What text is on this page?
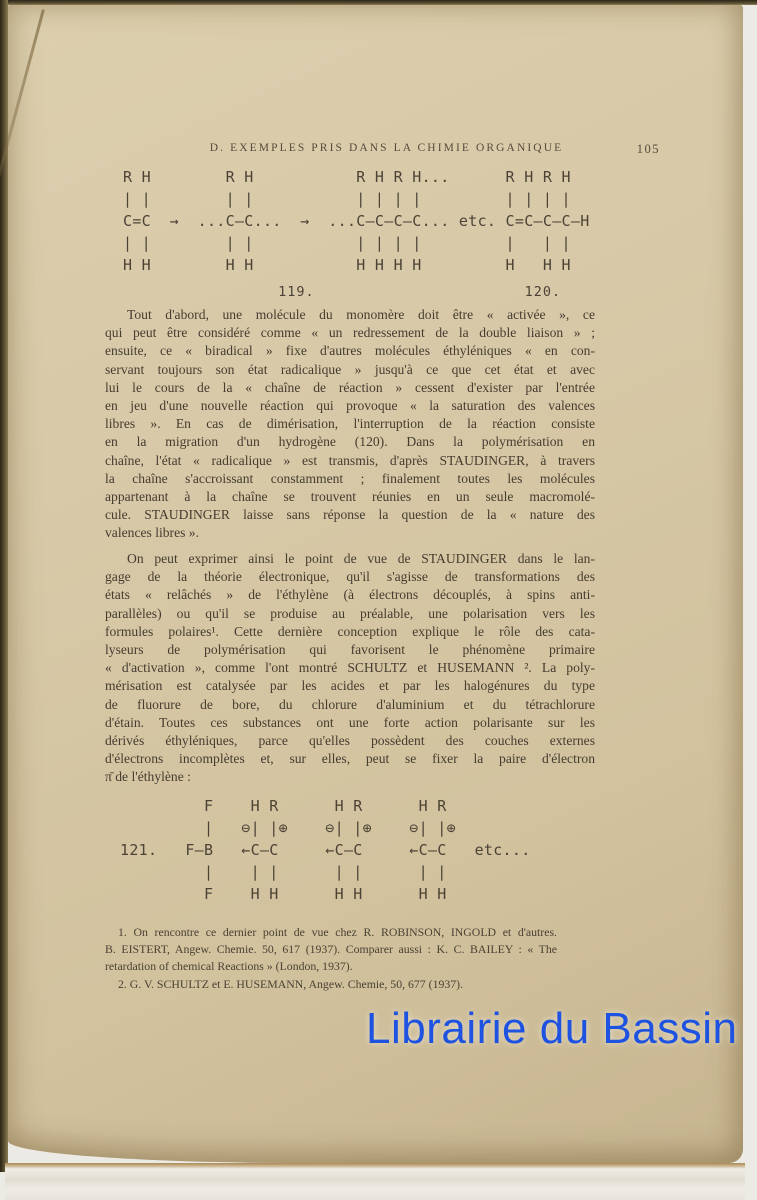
D. EXEMPLES PRIS DANS LA CHIMIE ORGANIQUE	105
R H        R H           R H R H...      R H R H
| |        | |           | | | |         | | | |
C=C  →  ...C—C...  →  ...C—C—C—C... etc. C=C—C—C—H
| |        | |           | | | |         |   | |
H H        H H           H H H H         H   H H
119.                       120.
Tout d'abord, une molécule du monomère doit être « activée », ce
qui peut être considéré comme « un redressement de la double liaison » ;
ensuite, ce « biradical » fixe d'autres molécules éthyléniques « en con-
servant toujours son état radicalique » jusqu'à ce que cet état et avec
lui le cours de la « chaîne de réaction » cessent d'exister par l'entrée
en jeu d'une nouvelle réaction qui provoque « la saturation des valences
libres ». En cas de dimérisation, l'interruption de la réaction consiste
en la migration d'un hydrogène (120). Dans la polymérisation en
chaîne, l'état « radicalique » est transmis, d'après STAUDINGER, à travers
la chaîne s'accroissant constamment ; finalement toutes les molécules
appartenant à la chaîne se trouvent réunies en un seule macromolé-
cule. STAUDINGER laisse sans réponse la question de la « nature des
valences libres ».
On peut exprimer ainsi le point de vue de STAUDINGER dans le lan-
gage de la théorie électronique, qu'il s'agisse de transformations des
états « relâchés » de l'éthylène (à électrons découplés, à spins anti-
parallèles) ou qu'il se produise au préalable, une polarisation vers les
formules polaires¹. Cette dernière conception explique le rôle des cata-
lyseurs de polymérisation qui favorisent le phénomène primaire
« d'activation », comme l'ont montré SCHULTZ et HUSEMANN ². La poly-
mérisation est catalysée par les acides et par les halogénures du type
de fluorure de bore, du chlorure d'aluminium et du tétrachlorure
d'étain. Toutes ces substances ont une forte action polarisante sur les
dérivés éthyléniques, parce qu'elles possèdent des couches externes
d'électrons incomplètes et, sur elles, peut se fixer la paire d'électron
π̄ de l'éthylène :
F    H R      H R      H R
|   ⊖| |⊕    ⊖| |⊕    ⊖| |⊕
121.   F—B   ←C—C     ←C—C     ←C—C   etc...
|    | |      | |      | |
F    H H      H H      H H
1. On rencontre ce dernier point de vue chez R. ROBINSON, INGOLD et d'autres.
B. EISTERT, Angew. Chemie. 50, 617 (1937). Comparer aussi : K. C. BAILEY : « The
retardation of chemical Reactions » (London, 1937).
2. G. V. SCHULTZ et E. HUSEMANN, Angew. Chemie, 50, 677 (1937).
Librairie du Bassin
